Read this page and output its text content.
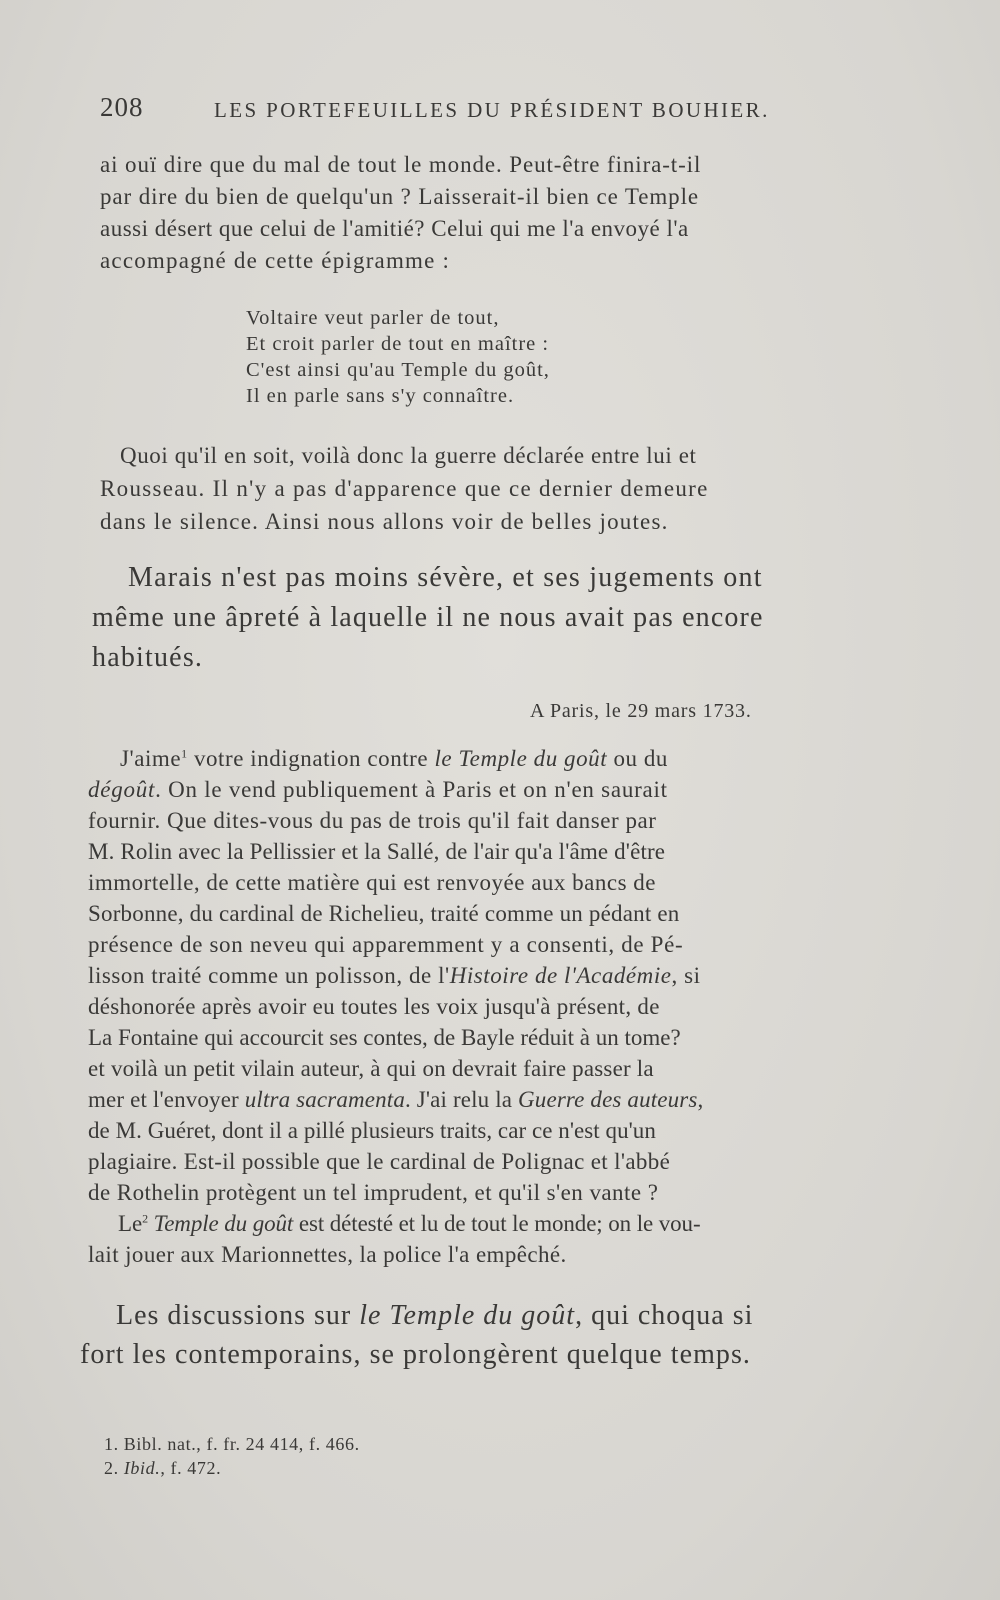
208	LES PORTEFEUILLES DU PRÉSIDENT BOUHIER.
ai ouï dire que du mal de tout le monde. Peut-être finira-t-il
par dire du bien de quelqu'un ? Laisserait-il bien ce Temple
aussi désert que celui de l'amitié? Celui qui me l'a envoyé l'a
accompagné de cette épigramme :
Voltaire veut parler de tout,
Et croit parler de tout en maître :
C'est ainsi qu'au Temple du goût,
Il en parle sans s'y connaître.
Quoi qu'il en soit, voilà donc la guerre déclarée entre lui et
Rousseau. Il n'y a pas d'apparence que ce dernier demeure
dans le silence. Ainsi nous allons voir de belles joutes.
Marais n'est pas moins sévère, et ses jugements ont
même une âpreté à laquelle il ne nous avait pas encore
habitués.
A Paris, le 29 mars 1733.
J'aime$^1$ votre indignation contre le Temple du goût ou du
dégoût. On le vend publiquement à Paris et on n'en saurait
fournir. Que dites-vous du pas de trois qu'il fait danser par
M. Rolin avec la Pellissier et la Sallé, de l'air qu'a l'âme d'être
immortelle, de cette matière qui est renvoyée aux bancs de
Sorbonne, du cardinal de Richelieu, traité comme un pédant en
présence de son neveu qui apparemment y a consenti, de Pé-
lisson traité comme un polisson, de l'Histoire de l'Académie, si
déshonorée après avoir eu toutes les voix jusqu'à présent, de
La Fontaine qui accourcit ses contes, de Bayle réduit à un tome?
et voilà un petit vilain auteur, à qui on devrait faire passer la
mer et l'envoyer ultra sacramenta. J'ai relu la Guerre des auteurs,
de M. Guéret, dont il a pillé plusieurs traits, car ce n'est qu'un
plagiaire. Est-il possible que le cardinal de Polignac et l'abbé
de Rothelin protègent un tel imprudent, et qu'il s'en vante ?
Le$^2$ Temple du goût est détesté et lu de tout le monde; on le vou-
lait jouer aux Marionnettes, la police l'a empêché.
Les discussions sur le Temple du goût, qui choqua si
fort les contemporains, se prolongèrent quelque temps.
1. Bibl. nat., f. fr. 24 414, f. 466.
2. Ibid., f. 472.
